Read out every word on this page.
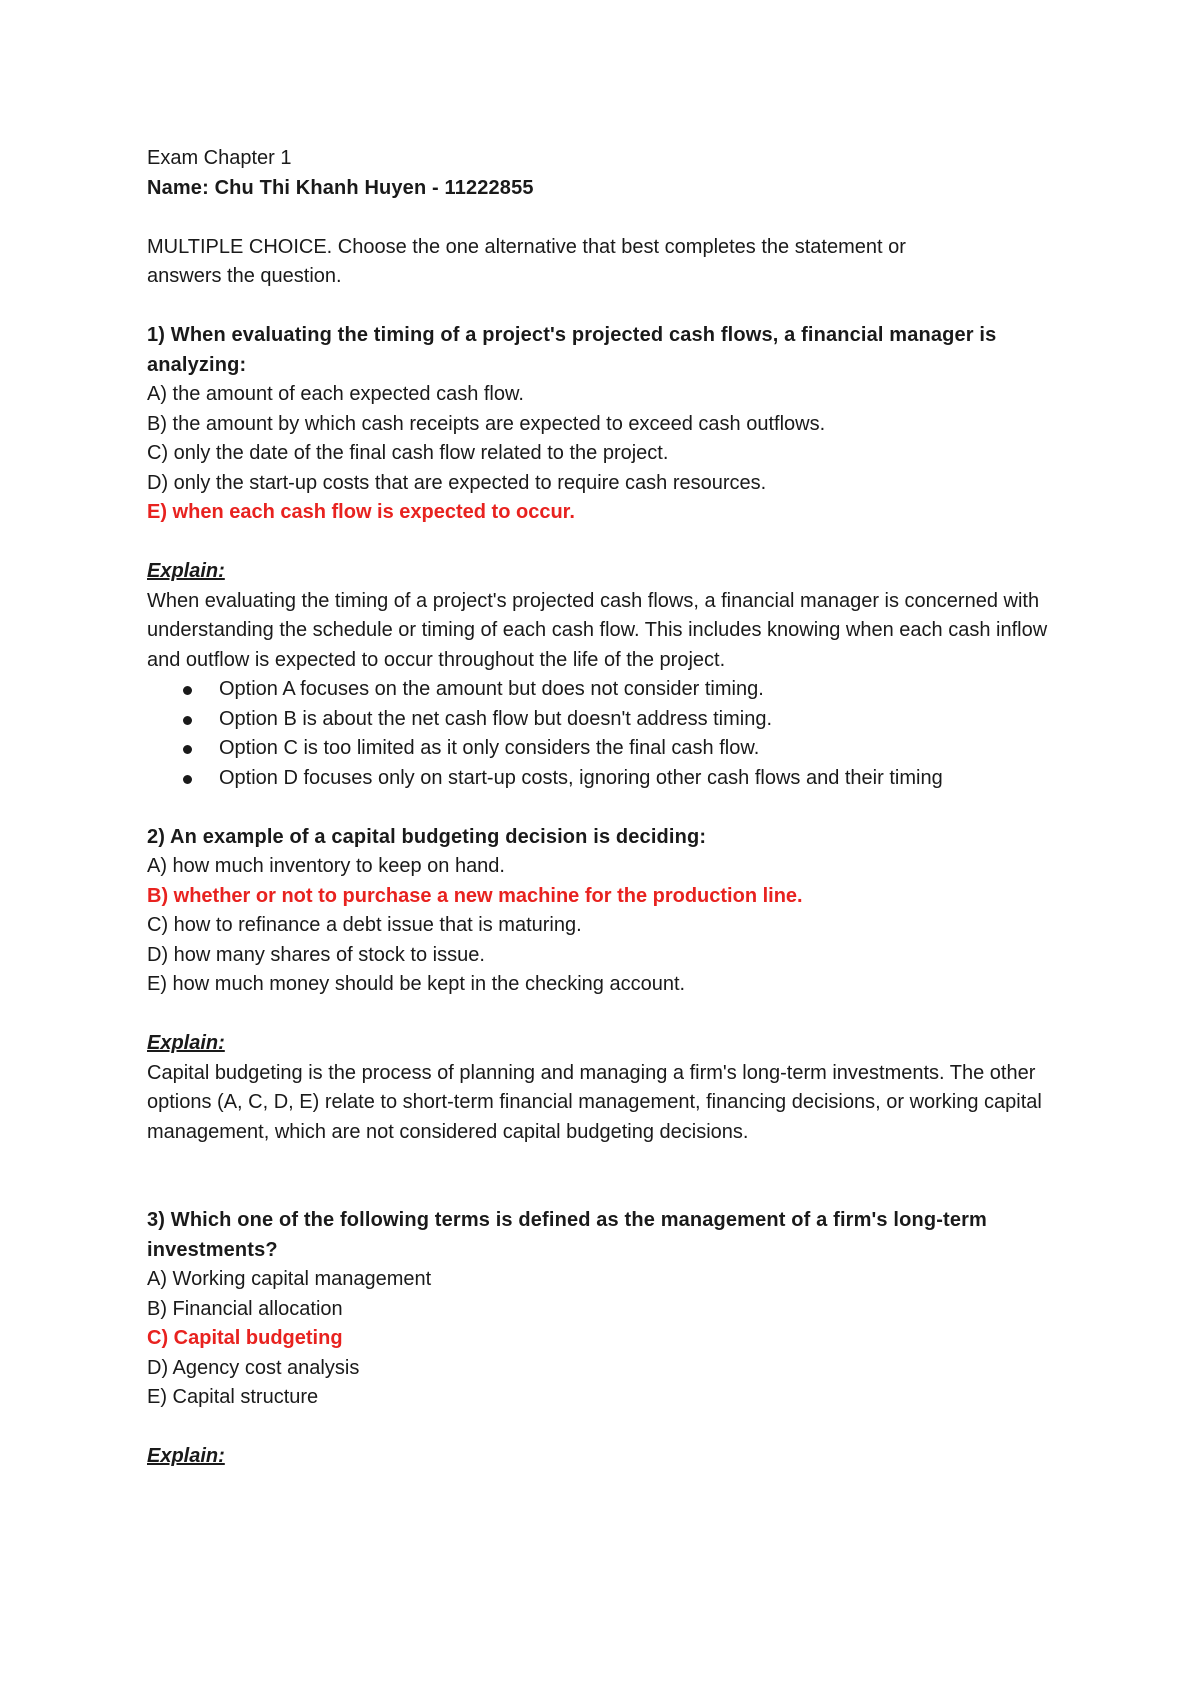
Exam Chapter 1

Name: Chu Thi Khanh Huyen - 11222855

MULTIPLE CHOICE. Choose the one alternative that best completes the statement or answers the question.

1) When evaluating the timing of a project's projected cash flows, a financial manager is analyzing:

A) the amount of each expected cash flow.

B) the amount by which cash receipts are expected to exceed cash outflows.

C) only the date of the final cash flow related to the project.

D) only the start-up costs that are expected to require cash resources.

E) when each cash flow is expected to occur.

Explain:

When evaluating the timing of a project's projected cash flows, a financial manager is concerned with understanding the schedule or timing of each cash flow. This includes knowing when each cash inflow and outflow is expected to occur throughout the life of the project.

Option A focuses on the amount but does not consider timing.
Option B is about the net cash flow but doesn't address timing.
Option C is too limited as it only considers the final cash flow.
Option D focuses only on start-up costs, ignoring other cash flows and their timing

2) An example of a capital budgeting decision is deciding:

A) how much inventory to keep on hand.

B) whether or not to purchase a new machine for the production line.

C) how to refinance a debt issue that is maturing.

D) how many shares of stock to issue.

E) how much money should be kept in the checking account.

Explain:

Capital budgeting is the process of planning and managing a firm's long-term investments. The other options (A, C, D, E) relate to short-term financial management, financing decisions, or working capital management, which are not considered capital budgeting decisions.

3) Which one of the following terms is defined as the management of a firm's long-term investments?

A) Working capital management

B) Financial allocation

C) Capital budgeting

D) Agency cost analysis

E) Capital structure

Explain:
